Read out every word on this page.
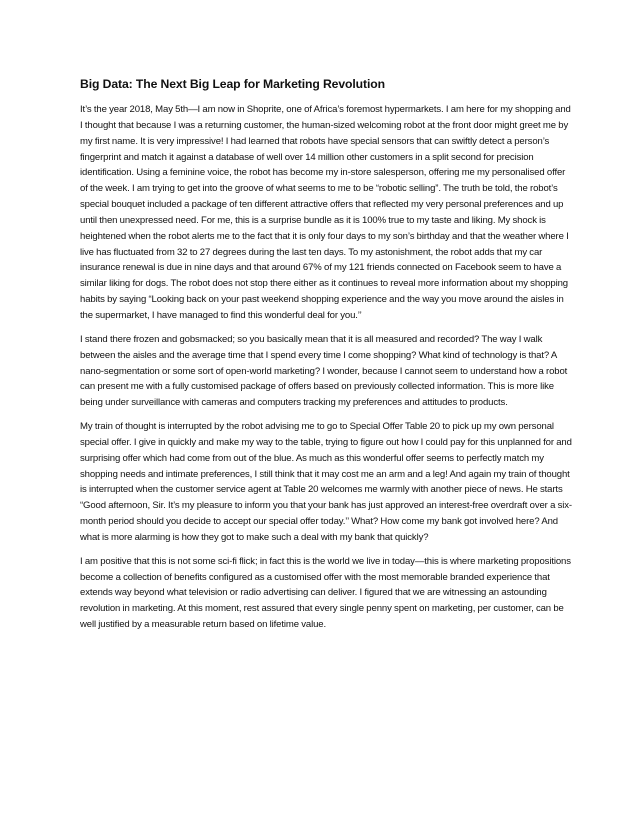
Big Data: The Next Big Leap for Marketing Revolution

It’s the year 2018, May 5th—I am now in Shoprite, one of Africa’s foremost hypermarkets. I am here for my shopping and I thought that because I was a returning customer, the human-sized welcoming robot at the front door might greet me by my first name. It is very impressive! I had learned that robots have special sensors that can swiftly detect a person’s fingerprint and match it against a database of well over 14 million other customers in a split second for precision identification. Using a feminine voice, the robot has become my in-store salesperson, offering me my personalised offer of the week. I am trying to get into the groove of what seems to me to be “robotic selling”. The truth be told, the robot’s special bouquet included a package of ten different attractive offers that reflected my very personal preferences and up until then unexpressed need. For me, this is a surprise bundle as it is 100% true to my taste and liking. My shock is heightened when the robot alerts me to the fact that it is only four days to my son’s birthday and that the weather where I live has fluctuated from 32 to 27 degrees during the last ten days. To my astonishment, the robot adds that my car insurance renewal is due in nine days and that around 67% of my 121 friends connected on Facebook seem to have a similar liking for dogs. The robot does not stop there either as it continues to reveal more information about my shopping habits by saying “Looking back on your past weekend shopping experience and the way you move around the aisles in the supermarket, I have managed to find this wonderful deal for you.’’

I stand there frozen and gobsmacked; so you basically mean that it is all measured and recorded? The way I walk between the aisles and the average time that I spend every time I come shopping? What kind of technology is that? A nano-segmentation or some sort of open-world marketing? I wonder, because I cannot seem to understand how a robot can present me with a fully customised package of offers based on previously collected information. This is more like being under surveillance with cameras and computers tracking my preferences and attitudes to products.

My train of thought is interrupted by the robot advising me to go to Special Offer Table 20 to pick up my own personal special offer. I give in quickly and make my way to the table, trying to figure out how I could pay for this unplanned for and surprising offer which had come from out of the blue. As much as this wonderful offer seems to perfectly match my shopping needs and intimate preferences, I still think that it may cost me an arm and a leg! And again my train of thought is interrupted when the customer service agent at Table 20 welcomes me warmly with another piece of news. He starts “Good afternoon, Sir. It’s my pleasure to inform you that your bank has just approved an interest-free overdraft over a six-month period should you decide to accept our special offer today.’’ What? How come my bank got involved here? And what is more alarming is how they got to make such a deal with my bank that quickly?

I am positive that this is not some sci-fi flick; in fact this is the world we live in today—this is where marketing propositions become a collection of benefits configured as a customised offer with the most memorable branded experience that extends way beyond what television or radio advertising can deliver. I figured that we are witnessing an astounding revolution in marketing. At this moment, rest assured that every single penny spent on marketing, per customer, can be well justified by a measurable return based on lifetime value.
